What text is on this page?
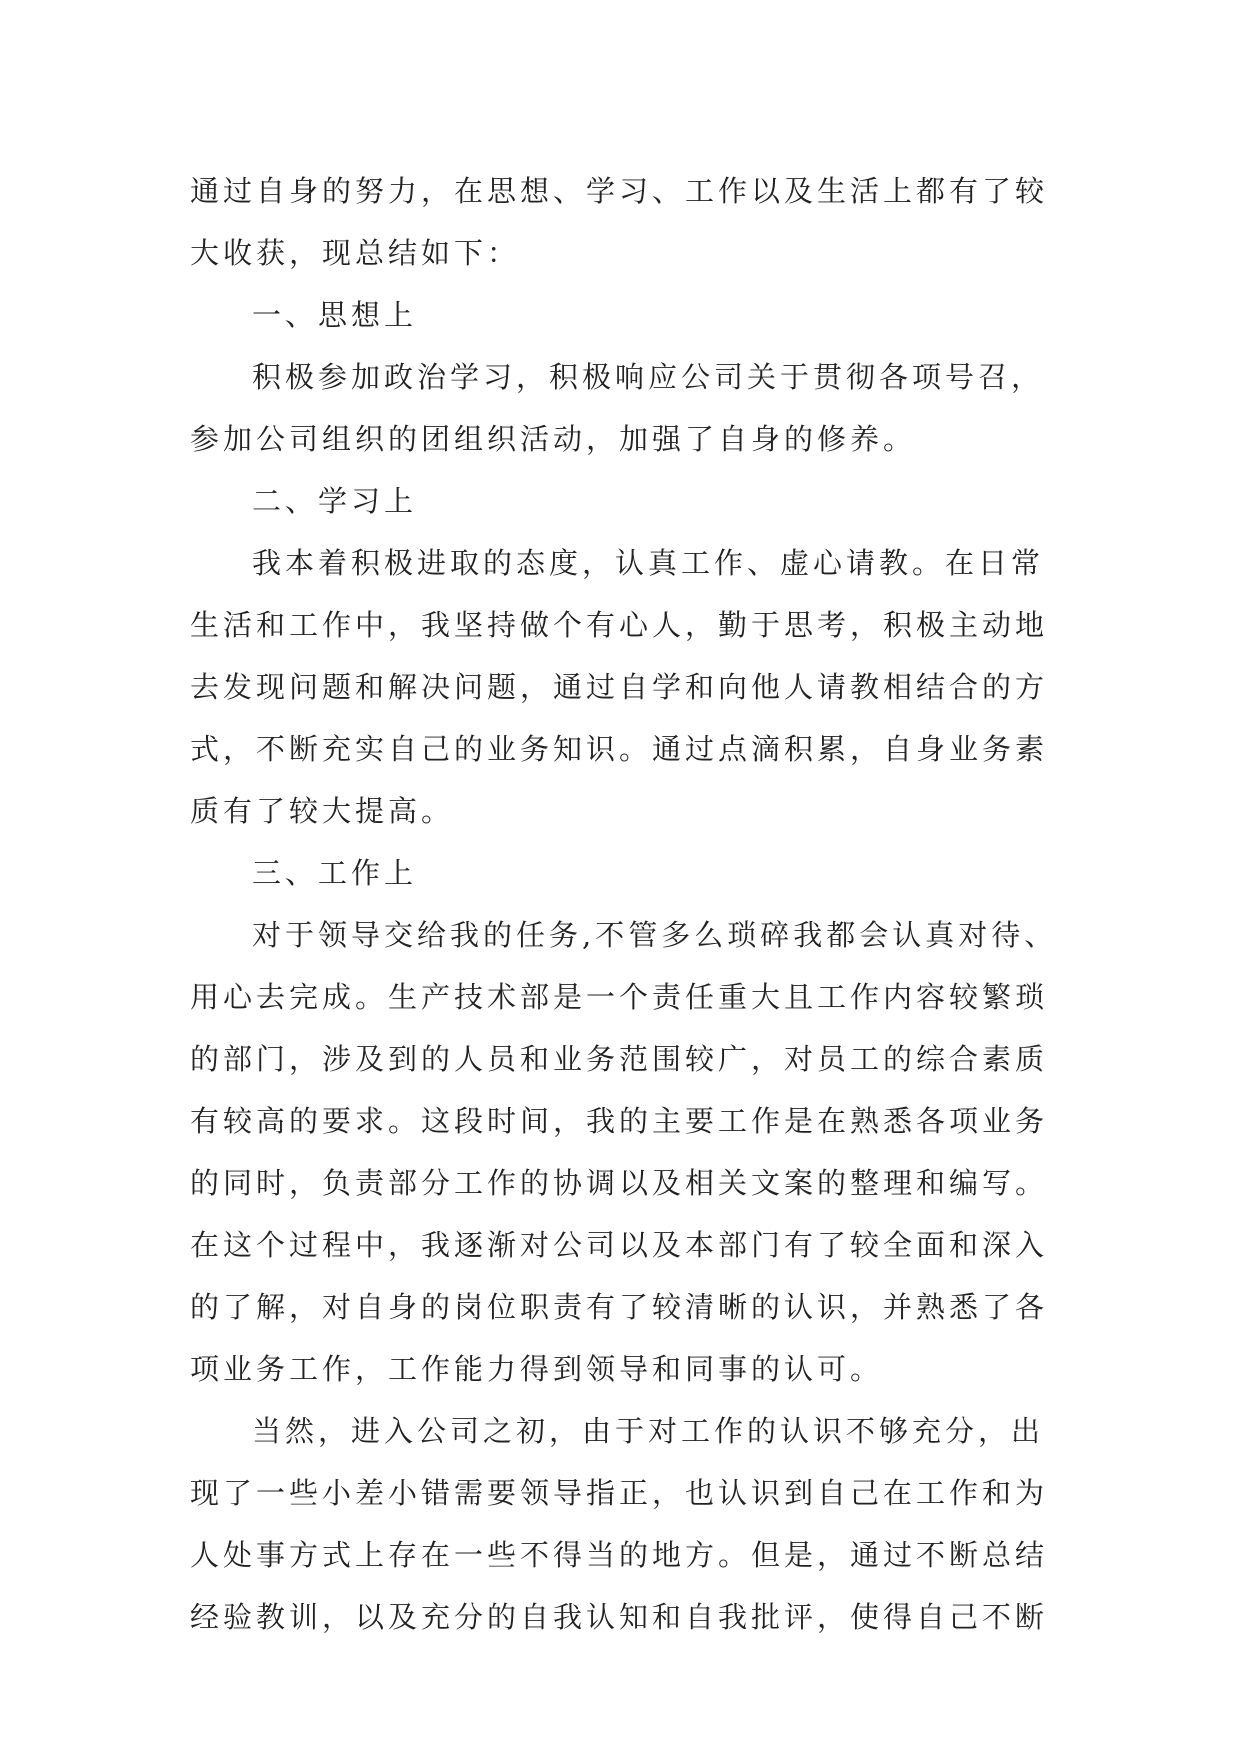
通过自身的努力，在思想、学习、工作以及生活上都有了较
大收获，现总结如下：
一、思想上
积极参加政治学习，积极响应公司关于贯彻各项号召，
参加公司组织的团组织活动，加强了自身的修养。
二、学习上
我本着积极进取的态度，认真工作、虚心请教。在日常
生活和工作中，我坚持做个有心人，勤于思考，积极主动地
去发现问题和解决问题，通过自学和向他人请教相结合的方
式，不断充实自己的业务知识。通过点滴积累，自身业务素
质有了较大提高。
三、工作上
对于领导交给我的任务,不管多么琐碎我都会认真对待、
用心去完成。生产技术部是一个责任重大且工作内容较繁琐
的部门，涉及到的人员和业务范围较广，对员工的综合素质
有较高的要求。这段时间，我的主要工作是在熟悉各项业务
的同时，负责部分工作的协调以及相关文案的整理和编写。
在这个过程中，我逐渐对公司以及本部门有了较全面和深入
的了解，对自身的岗位职责有了较清晰的认识，并熟悉了各
项业务工作，工作能力得到领导和同事的认可。
当然，进入公司之初，由于对工作的认识不够充分，出
现了一些小差小错需要领导指正，也认识到自己在工作和为
人处事方式上存在一些不得当的地方。但是，通过不断总结
经验教训，以及充分的自我认知和自我批评，使得自己不断
